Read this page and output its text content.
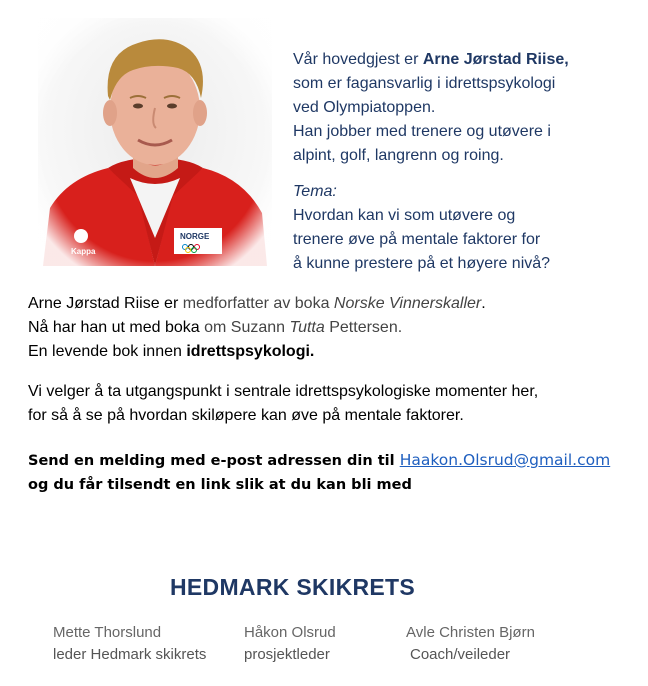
Vår hovedgjest er Arne Jørstad Riise,
som er fagansvarlig i idrettspsykologi
ved Olympiatoppen.
Han jobber med trenere og utøvere i
alpint, golf, langrenn og roing.
Tema:
Hvordan kan vi som utøvere og
trenere øve på mentale faktorer for
å kunne prestere på et høyere nivå?
Arne Jørstad Riise er medforfatter av boka Norske Vinnerskaller.
Nå har han ut med boka om Suzann Tutta Pettersen.
En levende bok innen idrettspsykologi.
Vi velger å ta utgangspunkt i sentrale idrettspsykologiske momenter her,
for så å se på hvordan skiløpere kan øve på mentale faktorer.
Send en melding med e-post adressen din til Haakon.Olsrud@gmail.com
og du får tilsendt en link slik at du kan bli med
HEDMARK SKIKRETS
Mette Thorslund
leder Hedmark skikrets
Håkon Olsrud
prosjektleder
Avle Christen Bjørn
Coach/veileder
